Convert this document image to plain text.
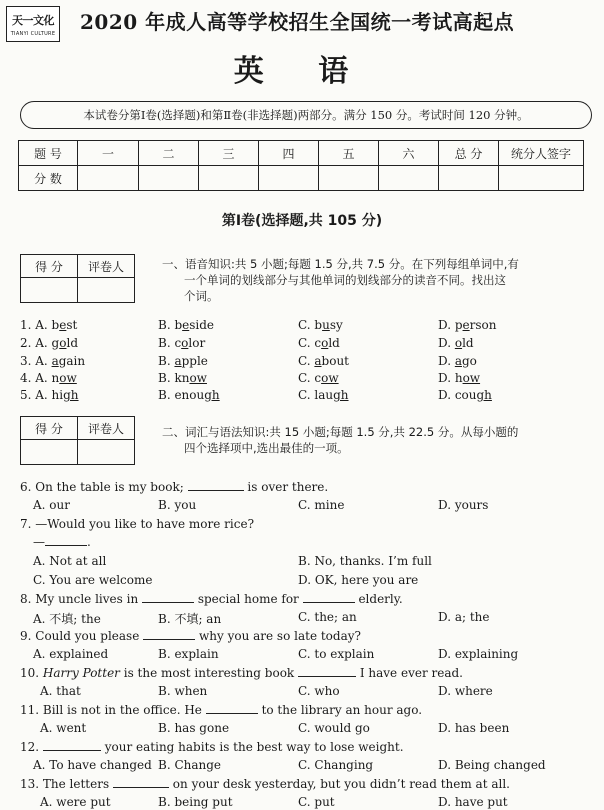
天一文化
TIANYI CULTURE 2020 年成人高等学校招生全国统一考试高起点
英 语
本试卷分第Ⅰ卷(选择题)和第Ⅱ卷(非选择题)两部分。满分 150 分。考试时间 120 分钟。
题 号	一	二	三	四	五	六	总 分	统分人签字
分 数								
第Ⅰ卷(选择题,共 105 分)
得 分	评卷人
		一、语音知识:共 5 小题;每题 1.5 分,共 7.5 分。在下列每组单词中,有
一个单词的划线部分与其他单词的划线部分的读音不同。找出这
个词。
1. A. best	B. beside	C. busy	D. person
2. A. gold	B. color	C. cold	D. old
3. A. again	B. apple	C. about	D. ago
4. A. now	B. know	C. cow	D. how
5. A. high	B. enough	C. laugh	D. cough
得 分	评卷人
		二、词汇与语法知识:共 15 小题;每题 1.5 分,共 22.5 分。从每小题的
四个选择项中,选出最佳的一项。
6. On the table is my book;	is over there.
A. our	B. you	C. mine	D. yours
7. —Would you like to have more rice?
—	.
A. Not at all	B. No, thanks. I’m full
C. You are welcome	D. OK, here you are
8. My uncle lives in	special home for	elderly.
A. 不填; the	B. 不填; an	C. the; an	D. a; the
9. Could you please	why you are so late today?
A. explained	B. explain	C. to explain	D. explaining
10. Harry Potter is the most interesting book	I have ever read.
A. that	B. when	C. who	D. where
11. Bill is not in the office. He	to the library an hour ago.
A. went	B. has gone	C. would go	D. has been
12.	your eating habits is the best way to lose weight.
A. To have changed B. Change	C. Changing	D. Being changed
13. The letters	on your desk yesterday, but you didn’t read them at all.
A. were put	B. being put	C. put	D. have put
